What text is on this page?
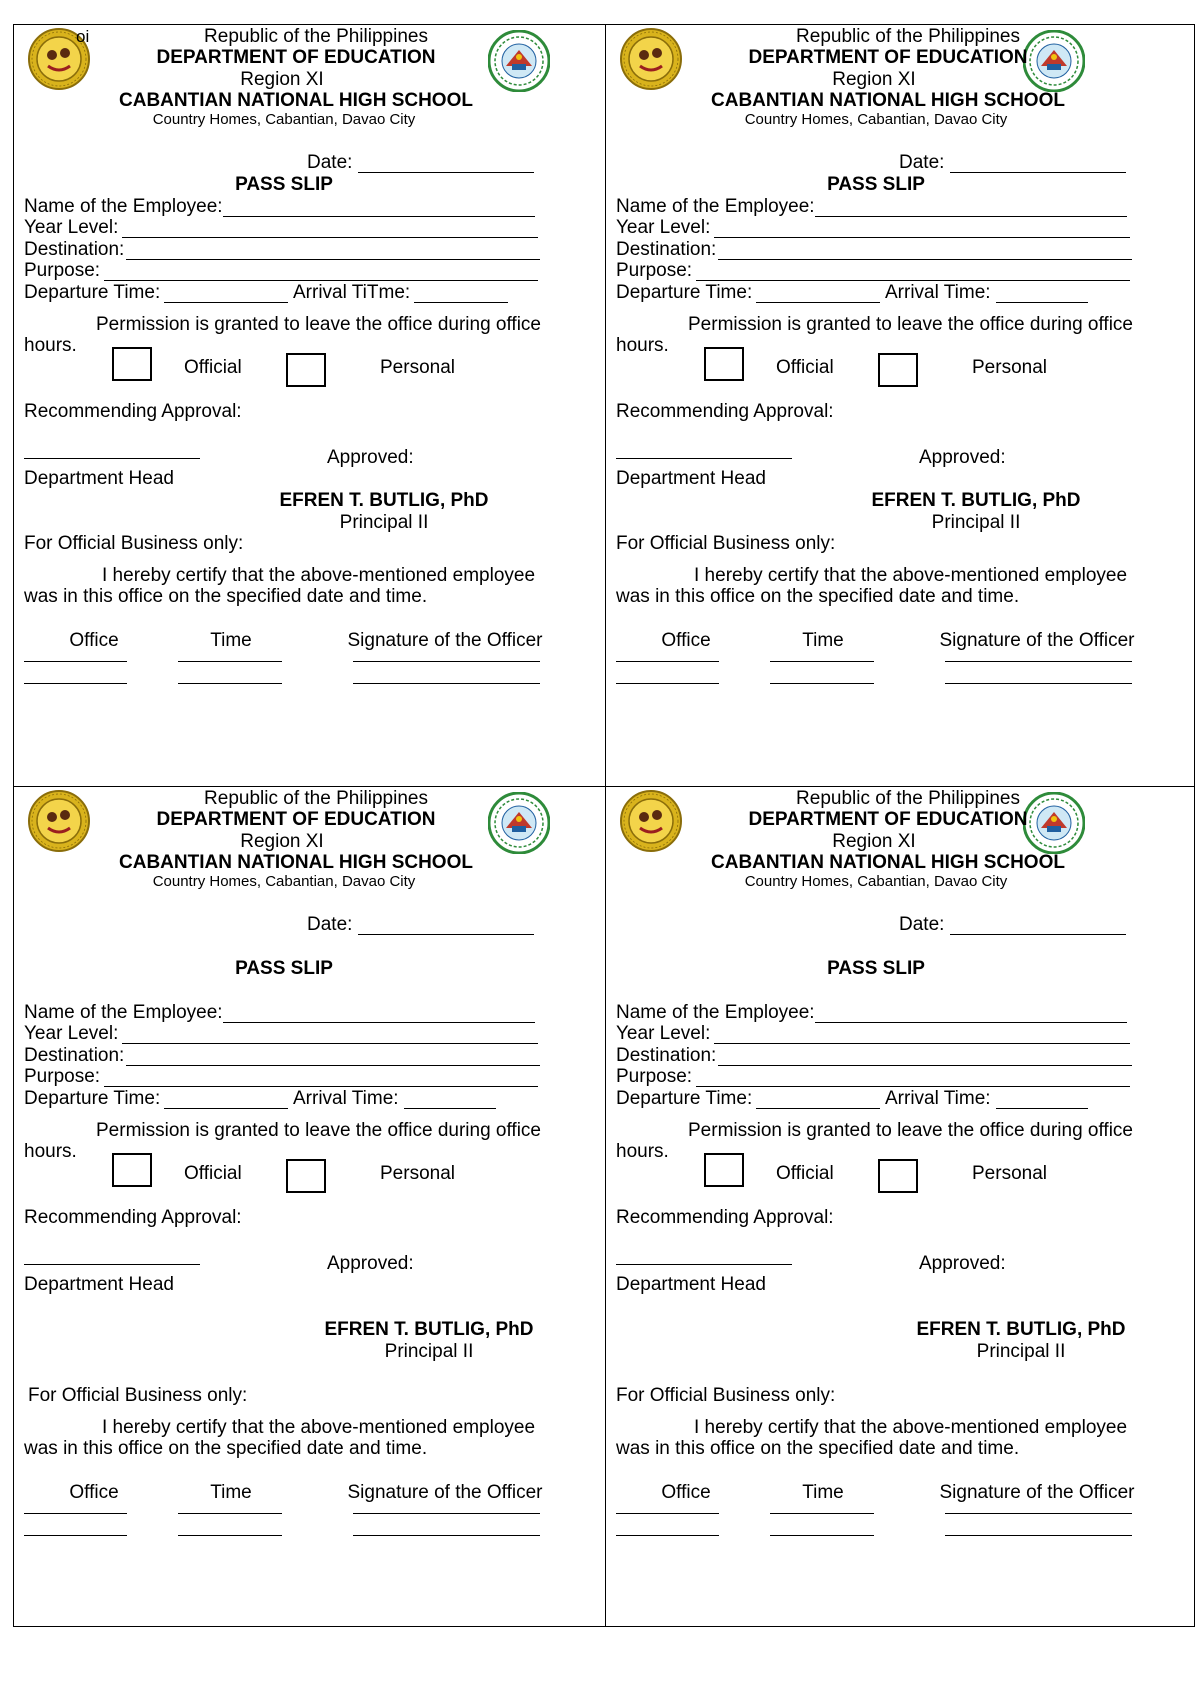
oi	Republic of the Philippines
DEPARTMENT OF EDUCATION
Region XI
CABANTIAN NATIONAL HIGH SCHOOL
Country Homes, Cabantian, Davao City
Date:
PASS SLIP
Name of the Employee:
Year Level:
Destination:
Purpose:
Departure Time:	Arrival TiTme:
Permission is granted to leave the office during office
hours.
Official	Personal
Recommending Approval:
Approved:
Department Head
EFREN T. BUTLIG, PhD
Principal II
For Official Business only:
I hereby certify that the above-mentioned employee
was in this office on the specified date and time.
Office	Time	Signature of the Officer
Republic of the Philippines
DEPARTMENT OF EDUCATION
Region XI
CABANTIAN NATIONAL HIGH SCHOOL
Country Homes, Cabantian, Davao City
Date:
PASS SLIP
Name of the Employee:
Year Level:
Destination:
Purpose:
Departure Time:	Arrival Time:
Permission is granted to leave the office during office
hours.
Official	Personal
Recommending Approval:
Approved:
Department Head
EFREN T. BUTLIG, PhD
Principal II
For Official Business only:
I hereby certify that the above-mentioned employee
was in this office on the specified date and time.
Office	Time	Signature of the Officer
Republic of the Philippines
DEPARTMENT OF EDUCATION
Region XI
CABANTIAN NATIONAL HIGH SCHOOL
Country Homes, Cabantian, Davao City
Date:
PASS SLIP
Name of the Employee:
Year Level:
Destination:
Purpose:
Departure Time:	Arrival Time:
Permission is granted to leave the office during office
hours.
Official	Personal
Recommending Approval:
Approved:
Department Head
EFREN T. BUTLIG, PhD
Principal II
For Official Business only:
I hereby certify that the above-mentioned employee
was in this office on the specified date and time.
Office	Time	Signature of the Officer
Republic of the Philippines
DEPARTMENT OF EDUCATION
Region XI
CABANTIAN NATIONAL HIGH SCHOOL
Country Homes, Cabantian, Davao City
Date:
PASS SLIP
Name of the Employee:
Year Level:
Destination:
Purpose:
Departure Time:	Arrival Time:
Permission is granted to leave the office during office
hours.
Official	Personal
Recommending Approval:
Approved:
Department Head
EFREN T. BUTLIG, PhD
Principal II
For Official Business only:
I hereby certify that the above-mentioned employee
was in this office on the specified date and time.
Office	Time	Signature of the Officer
